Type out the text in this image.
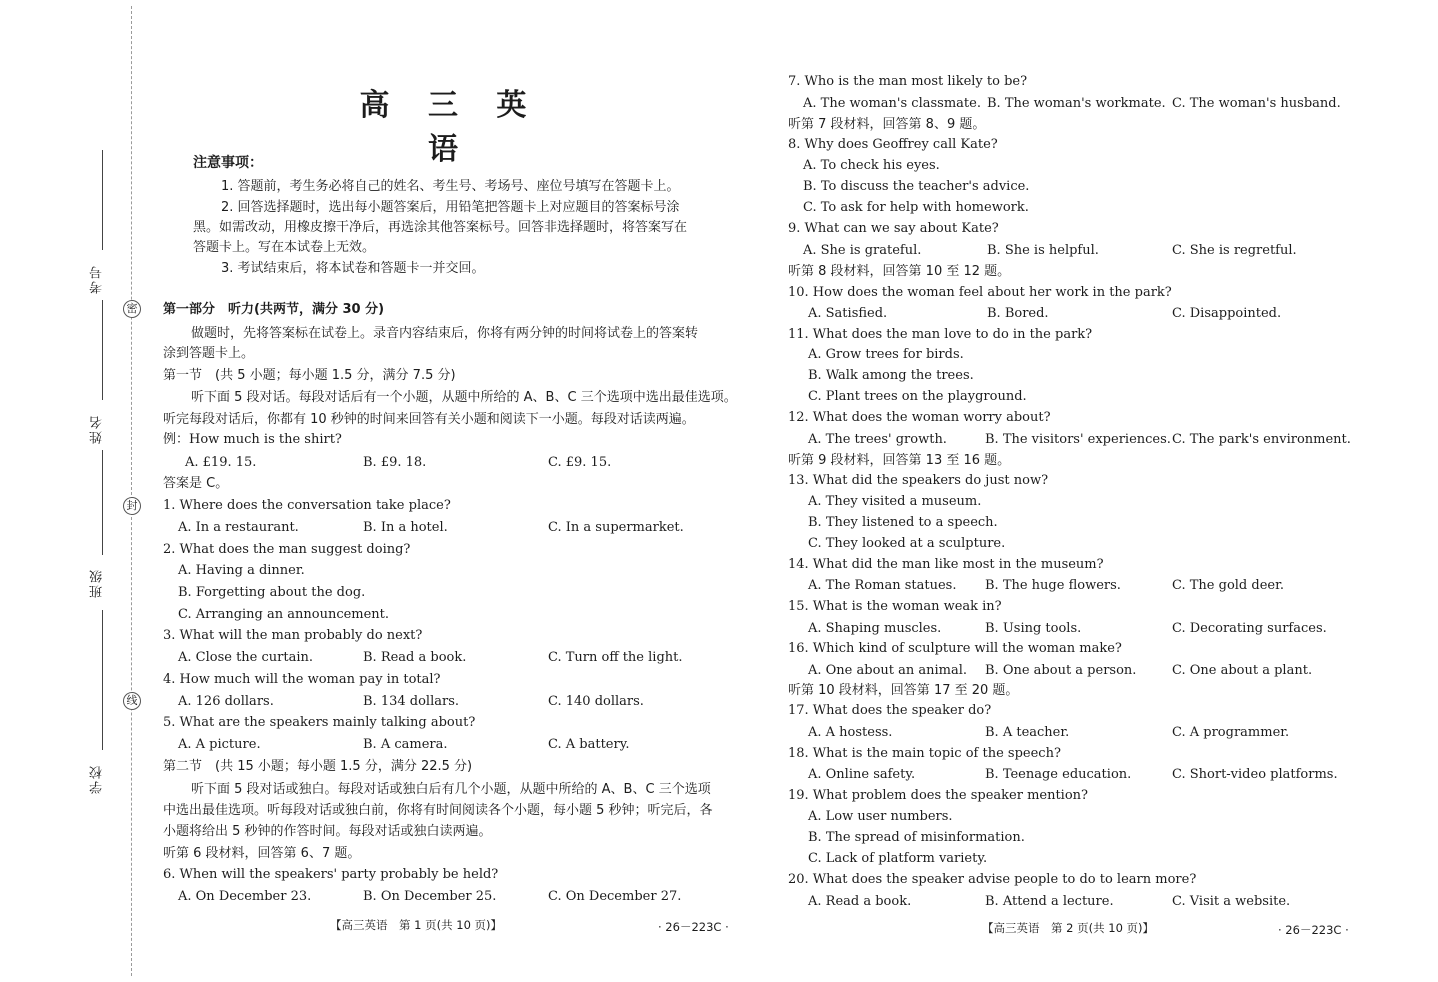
密
封
线
考号
姓名
班级
学校
高 三 英 语
注意事项：
1. 答题前，考生务必将自己的姓名、考生号、考场号、座位号填写在答题卡上。
2. 回答选择题时，选出每小题答案后，用铅笔把答题卡上对应题目的答案标号涂
黑。如需改动，用橡皮擦干净后，再选涂其他答案标号。回答非选择题时，将答案写在
答题卡上。写在本试卷上无效。
3. 考试结束后，将本试卷和答题卡一并交回。
第一部分　听力(共两节，满分 30 分)
做题时，先将答案标在试卷上。录音内容结束后，你将有两分钟的时间将试卷上的答案转
涂到答题卡上。
第一节　(共 5 小题；每小题 1.5 分，满分 7.5 分)
听下面 5 段对话。每段对话后有一个小题，从题中所给的 A、B、C 三个选项中选出最佳选项。
听完每段对话后，你都有 10 秒钟的时间来回答有关小题和阅读下一小题。每段对话读两遍。
例：How much is the shirt?
A. £19. 15.	B. £9. 18.	C. £9. 15.
答案是 C。
1. Where does the conversation take place?
A. In a restaurant.	B. In a hotel.	C. In a supermarket.
2. What does the man suggest doing?
A. Having a dinner.
B. Forgetting about the dog.
C. Arranging an announcement.
3. What will the man probably do next?
A. Close the curtain.	B. Read a book.	C. Turn off the light.
4. How much will the woman pay in total?
A. 126 dollars.	B. 134 dollars.	C. 140 dollars.
5. What are the speakers mainly talking about?
A. A picture.	B. A camera.	C. A battery.
第二节　(共 15 小题；每小题 1.5 分，满分 22.5 分)
听下面 5 段对话或独白。每段对话或独白后有几个小题，从题中所给的 A、B、C 三个选项
中选出最佳选项。听每段对话或独白前，你将有时间阅读各个小题，每小题 5 秒钟；听完后，各
小题将给出 5 秒钟的作答时间。每段对话或独白读两遍。
听第 6 段材料，回答第 6、7 题。
6. When will the speakers' party probably be held?
A. On December 23.	B. On December 25.	C. On December 27.
【高三英语　第 1 页(共 10 页)】	· 26－223C ·
7. Who is the man most likely to be?
A. The woman's classmate. B. The woman's workmate. C. The woman's husband.
听第 7 段材料，回答第 8、9 题。
8. Why does Geoffrey call Kate?
A. To check his eyes.
B. To discuss the teacher's advice.
C. To ask for help with homework.
9. What can we say about Kate?
A. She is grateful.	B. She is helpful.	C. She is regretful.
听第 8 段材料，回答第 10 至 12 题。
10. How does the woman feel about her work in the park?
A. Satisfied.	B. Bored.	C. Disappointed.
11. What does the man love to do in the park?
A. Grow trees for birds.
B. Walk among the trees.
C. Plant trees on the playground.
12. What does the woman worry about?
A. The trees' growth.	B. The visitors' experiences. C. The park's environment.
听第 9 段材料，回答第 13 至 16 题。
13. What did the speakers do just now?
A. They visited a museum.
B. They listened to a speech.
C. They looked at a sculpture.
14. What did the man like most in the museum?
A. The Roman statues. B. The huge flowers.	C. The gold deer.
15. What is the woman weak in?
A. Shaping muscles.	B. Using tools.	C. Decorating surfaces.
16. Which kind of sculpture will the woman make?
A. One about an animal. B. One about a person.	C. One about a plant.
听第 10 段材料，回答第 17 至 20 题。
17. What does the speaker do?
A. A hostess.	B. A teacher.	C. A programmer.
18. What is the main topic of the speech?
A. Online safety.	B. Teenage education.	C. Short-video platforms.
19. What problem does the speaker mention?
A. Low user numbers.
B. The spread of misinformation.
C. Lack of platform variety.
20. What does the speaker advise people to do to learn more?
A. Read a book.	B. Attend a lecture.	C. Visit a website.
【高三英语　第 2 页(共 10 页)】	· 26－223C ·
